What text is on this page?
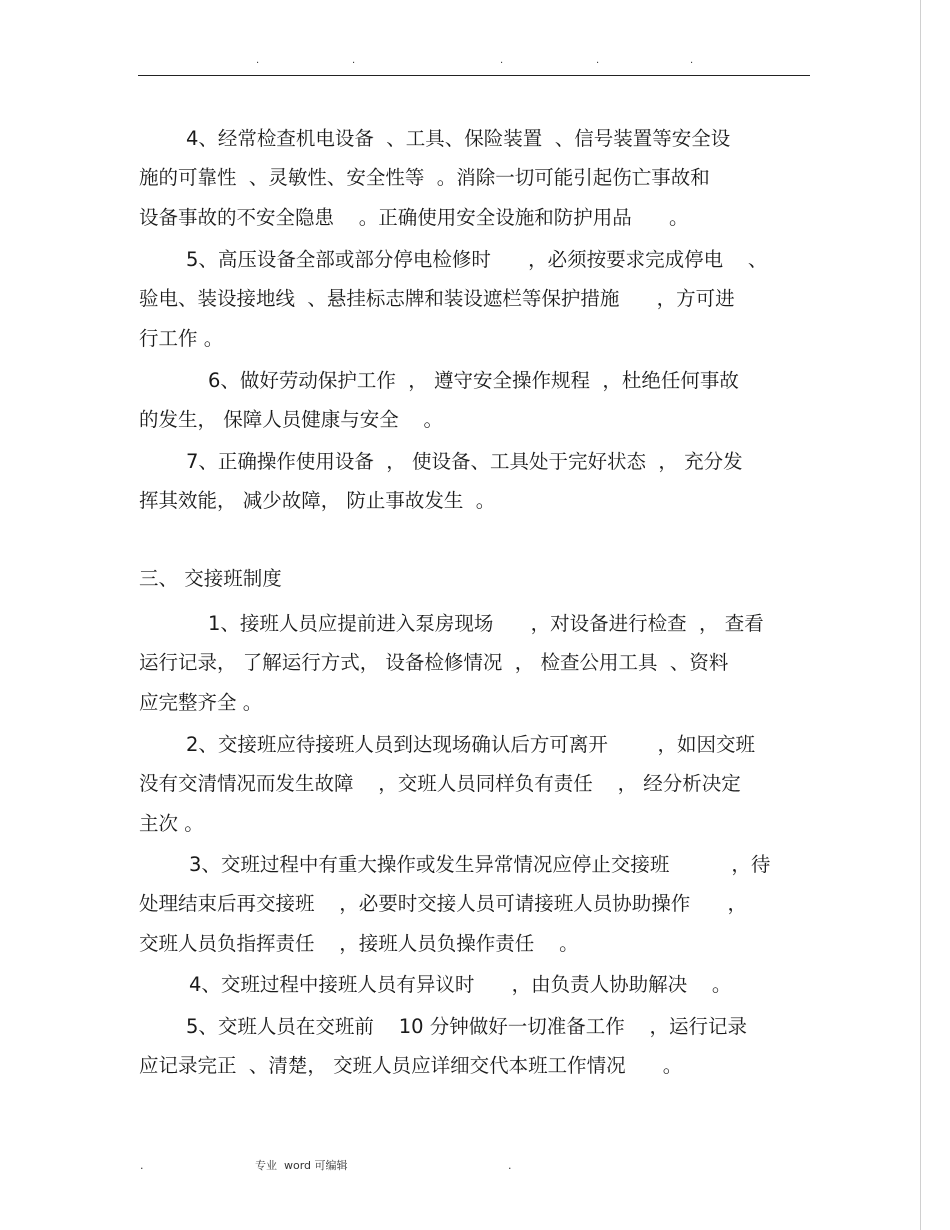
.	.	.	.	.
4、经常检查机电设备  、工具、保险装置  、信号装置等安全设
施的可靠性  、灵敏性、安全性等  。消除一切可能引起伤亡事故和
设备事故的不安全隐患    。正确使用安全设施和防护用品      。
5、高压设备全部或部分停电检修时      ，必须按要求完成停电    、
验电、装设接地线  、悬挂标志牌和装设遮栏等保护措施      ，方可进
行工作 。
6、做好劳动保护工作  ， 遵守安全操作规程  ，杜绝任何事故
的发生， 保障人员健康与安全    。
7、正确操作使用设备  ， 使设备、工具处于完好状态  ， 充分发
挥其效能， 减少故障， 防止事故发生  。
三、 交接班制度
1、接班人员应提前进入泵房现场      ，对设备进行检查  ， 查看
运行记录， 了解运行方式， 设备检修情况  ， 检查公用工具  、资料
应完整齐全 。
2、交接班应待接班人员到达现场确认后方可离开        ，如因交班
没有交清情况而发生故障    ，交班人员同样负有责任    ， 经分析决定
主次 。
3、交班过程中有重大操作或发生异常情况应停止交接班          ，待
处理结束后再交接班    ，必要时交接人员可请接班人员协助操作      ，
交班人员负指挥责任    ，接班人员负操作责任    。
4、交班过程中接班人员有异议时      ，由负责人协助解决    。
5、交班人员在交班前    10 分钟做好一切准备工作    ，运行记录
应记录完正  、清楚， 交班人员应详细交代本班工作情况      。
.	专业  word 可编辑	.
